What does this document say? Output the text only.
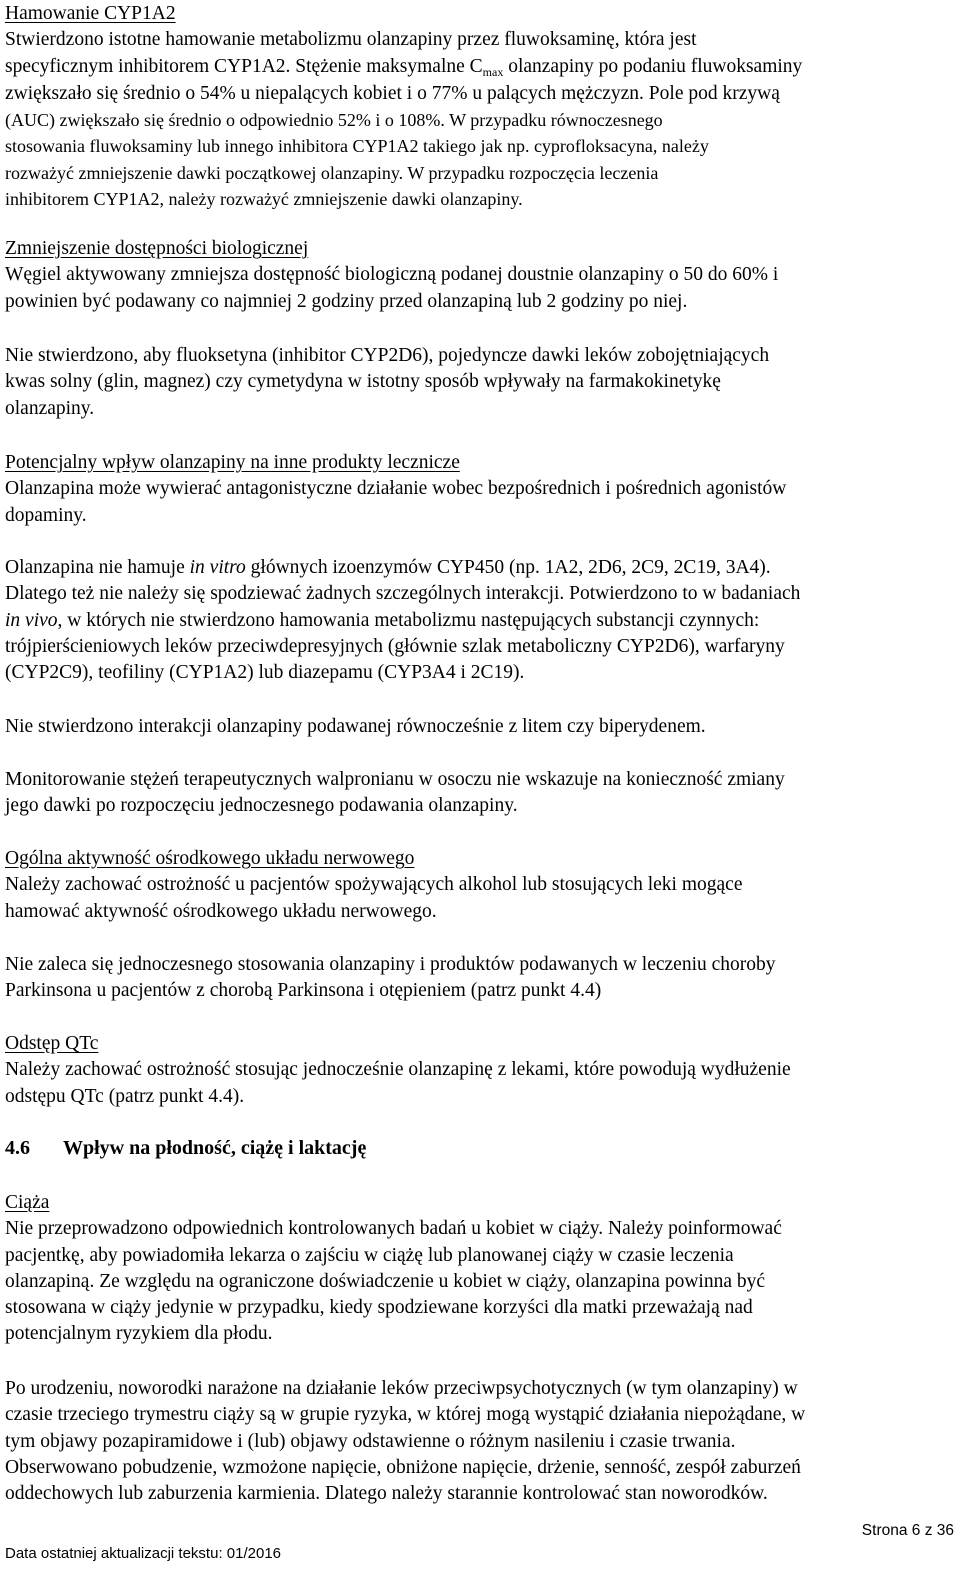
Hamowanie CYP1A2
Stwierdzono istotne hamowanie metabolizmu olanzapiny przez fluwoksaminę, która jest
specyficznym inhibitorem CYP1A2. Stężenie maksymalne $C_{max}$ olanzapiny po podaniu fluwoksaminy
zwiększało się średnio o 54% u niepalących kobiet i o 77% u palących mężczyzn. Pole pod krzywą
(AUC) zwiększało się średnio o odpowiednio 52% i o 108%. W przypadku równoczesnego
stosowania fluwoksaminy lub innego inhibitora CYP1A2 takiego jak np. cyprofloksacyna, należy
rozważyć zmniejszenie dawki początkowej olanzapiny. W przypadku rozpoczęcia leczenia
inhibitorem CYP1A2, należy rozważyć zmniejszenie dawki olanzapiny.
Zmniejszenie dostępności biologicznej
Węgiel aktywowany zmniejsza dostępność biologiczną podanej doustnie olanzapiny o 50 do 60% i
powinien być podawany co najmniej 2 godziny przed olanzapiną lub 2 godziny po niej.
Nie stwierdzono, aby fluoksetyna (inhibitor CYP2D6), pojedyncze dawki leków zobojętniających
kwas solny (glin, magnez) czy cymetydyna w istotny sposób wpływały na farmakokinetykę
olanzapiny.
Potencjalny wpływ olanzapiny na inne produkty lecznicze
Olanzapina może wywierać antagonistyczne działanie wobec bezpośrednich i pośrednich agonistów
dopaminy.
Olanzapina nie hamuje in vitro głównych izoenzymów CYP450 (np. 1A2, 2D6, 2C9, 2C19, 3A4).
Dlatego też nie należy się spodziewać żadnych szczególnych interakcji. Potwierdzono to w badaniach
in vivo, w których nie stwierdzono hamowania metabolizmu następujących substancji czynnych:
trójpierścieniowych leków przeciwdepresyjnych (głównie szlak metaboliczny CYP2D6), warfaryny
(CYP2C9), teofiliny (CYP1A2) lub diazepamu (CYP3A4 i 2C19).
Nie stwierdzono interakcji olanzapiny podawanej równocześnie z litem czy biperydenem.
Monitorowanie stężeń terapeutycznych walpronianu w osoczu nie wskazuje na konieczność zmiany
jego dawki po rozpoczęciu jednoczesnego podawania olanzapiny.
Ogólna aktywność ośrodkowego układu nerwowego
Należy zachować ostrożność u pacjentów spożywających alkohol lub stosujących leki mogące
hamować aktywność ośrodkowego układu nerwowego.
Nie zaleca się jednoczesnego stosowania olanzapiny i produktów podawanych w leczeniu choroby
Parkinsona u pacjentów z chorobą Parkinsona i otępieniem (patrz punkt 4.4)
Odstęp QTc
Należy zachować ostrożność stosując jednocześnie olanzapinę z lekami, które powodują wydłużenie
odstępu QTc (patrz punkt 4.4).
4.6 Wpływ na płodność, ciążę i laktację
Ciąża
Nie przeprowadzono odpowiednich kontrolowanych badań u kobiet w ciąży. Należy poinformować
pacjentkę, aby powiadomiła lekarza o zajściu w ciążę lub planowanej ciąży w czasie leczenia
olanzapiną. Ze względu na ograniczone doświadczenie u kobiet w ciąży, olanzapina powinna być
stosowana w ciąży jedynie w przypadku, kiedy spodziewane korzyści dla matki przeważają nad
potencjalnym ryzykiem dla płodu.
Po urodzeniu, noworodki narażone na działanie leków przeciwpsychotycznych (w tym olanzapiny) w
czasie trzeciego trymestru ciąży są w grupie ryzyka, w której mogą wystąpić działania niepożądane, w
tym objawy pozapiramidowe i (lub) objawy odstawienne o różnym nasileniu i czasie trwania.
Obserwowano pobudzenie, wzmożone napięcie, obniżone napięcie, drżenie, senność, zespół zaburzeń
oddechowych lub zaburzenia karmienia. Dlatego należy starannie kontrolować stan noworodków.
Strona 6 z 36
Data ostatniej aktualizacji tekstu: 01/2016
